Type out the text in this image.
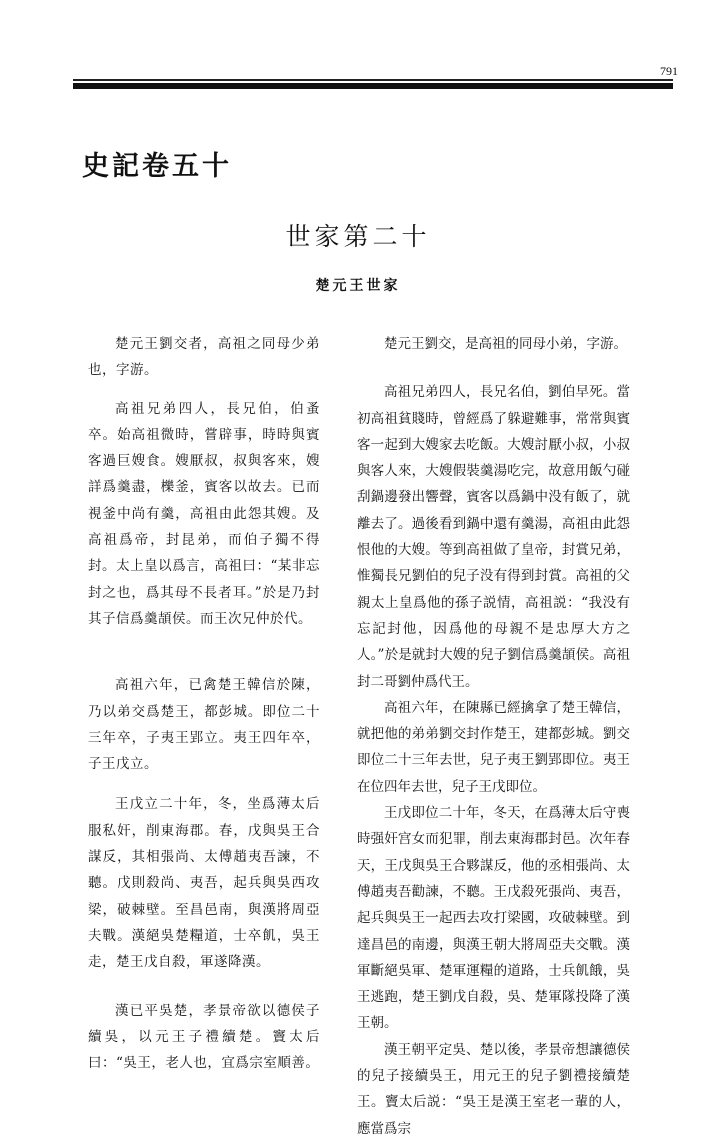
791
史記卷五十
世家第二十
楚元王世家

楚元王劉交者，高祖之同母少弟也，字游。

高祖兄弟四人，長兄伯，伯蚤卒。始高祖微時，嘗辟事，時時與賓客過巨嫂食。嫂厭叔，叔與客來，嫂詳爲羹盡，櫟釜，賓客以故去。已而視釜中尚有羹，高祖由此怨其嫂。及高祖爲帝，封昆弟，而伯子獨不得封。太上皇以爲言，高祖曰：“某非忘封之也，爲其母不長者耳。”於是乃封其子信爲羹頡侯。而王次兄仲於代。

高祖六年，已禽楚王韓信於陳，乃以弟交爲楚王，都彭城。即位二十三年卒，子夷王郢立。夷王四年卒，子王戊立。

王戊立二十年，冬，坐爲薄太后服私奸，削東海郡。春，戊與吳王合謀反，其相張尚、太傅趙夷吾諫，不聽。戊則殺尚、夷吾，起兵與吳西攻梁，破棘壁。至昌邑南，與漢將周亞夫戰。漢絕吳楚糧道，士卒飢，吳王走，楚王戊自殺，軍遂降漢。

漢已平吳楚，孝景帝欲以德侯子續吳，以元王子禮續楚。竇太后曰：“吳王，老人也，宜爲宗室順善。

楚元王劉交，是高祖的同母小弟，字游。

高祖兄弟四人，長兄名伯，劉伯早死。當初高祖貧賤時，曾經爲了躲避難事，常常與賓客一起到大嫂家去吃飯。大嫂討厭小叔，小叔與客人來，大嫂假裝羹湯吃完，故意用飯勺碰刮鍋邊發出響聲，賓客以爲鍋中没有飯了，就離去了。過後看到鍋中還有羹湯，高祖由此怨恨他的大嫂。等到高祖做了皇帝，封賞兄弟，惟獨長兄劉伯的兒子没有得到封賞。高祖的父親太上皇爲他的孫子説情，高祖説：“我没有忘記封他，因爲他的母親不是忠厚大方之人。”於是就封大嫂的兒子劉信爲羹頡侯。高祖封二哥劉仲爲代王。

高祖六年，在陳縣已經擒拿了楚王韓信，就把他的弟弟劉交封作楚王，建都彭城。劉交即位二十三年去世，兒子夷王劉郢即位。夷王在位四年去世，兒子王戊即位。

王戊即位二十年，冬天，在爲薄太后守喪時强奸宫女而犯罪，削去東海郡封邑。次年春天，王戊與吳王合夥謀反，他的丞相張尚、太傅趙夷吾勸諫，不聽。王戊殺死張尚、夷吾，起兵與吳王一起西去攻打梁國，攻破棘壁。到達昌邑的南邊，與漢王朝大將周亞夫交戰。漢軍斷絕吳軍、楚軍運糧的道路，士兵飢餓，吳王逃跑，楚王劉戊自殺，吳、楚軍隊投降了漢王朝。

漢王朝平定吳、楚以後，孝景帝想讓德侯的兒子接續吳王，用元王的兒子劉禮接續楚王。竇太后説：“吳王是漢王室老一輩的人，應當爲宗
